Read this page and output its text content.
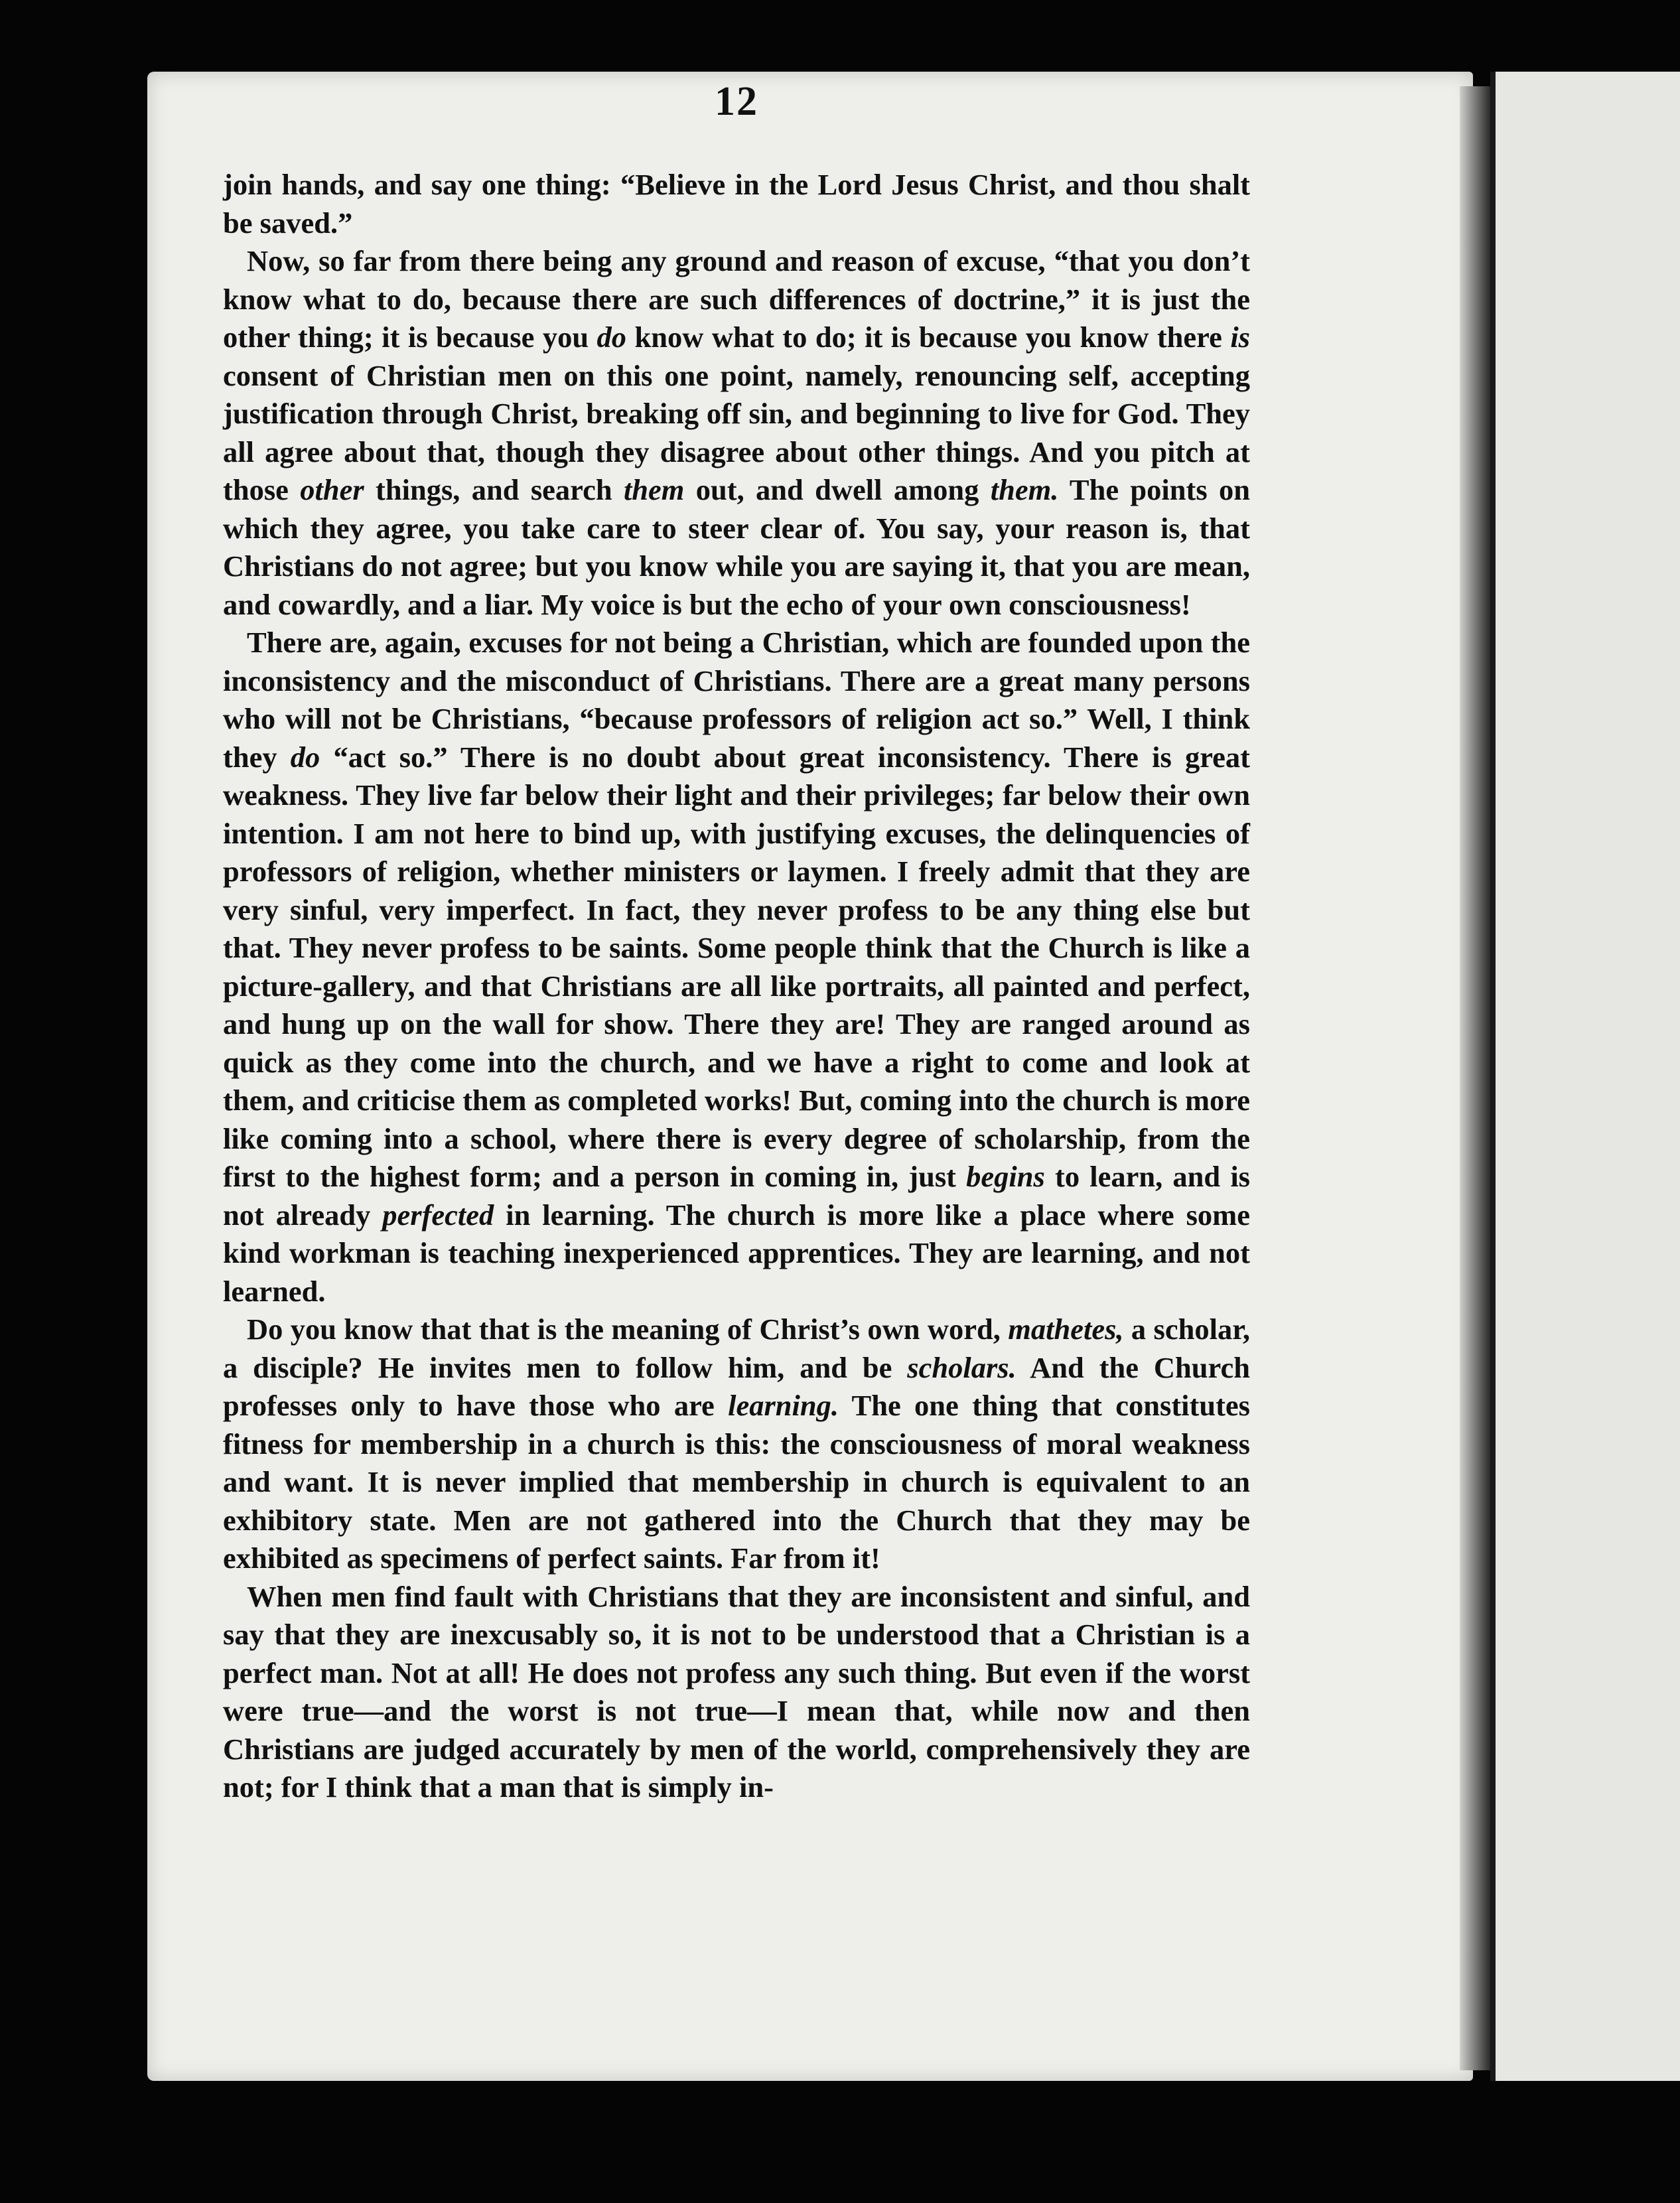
12

join hands, and say one thing: “Believe in the Lord Jesus Christ, and thou shalt be saved.”

Now, so far from there being any ground and reason of excuse, “that you don’t know what to do, because there are such differences of doctrine,” it is just the other thing; it is because you do know what to do; it is because you know there is consent of Christian men on this one point, namely, renouncing self, accepting justification through Christ, breaking off sin, and beginning to live for God. They all agree about that, though they disagree about other things. And you pitch at those other things, and search them out, and dwell among them. The points on which they agree, you take care to steer clear of. You say, your reason is, that Christians do not agree; but you know while you are saying it, that you are mean, and cowardly, and a liar. My voice is but the echo of your own consciousness!

There are, again, excuses for not being a Christian, which are founded upon the inconsistency and the misconduct of Christians. There are a great many persons who will not be Christians, “because professors of religion act so.” Well, I think they do “act so.” There is no doubt about great inconsistency. There is great weakness. They live far below their light and their privileges; far below their own intention. I am not here to bind up, with justifying excuses, the delinquencies of professors of religion, whether ministers or laymen. I freely admit that they are very sinful, very imperfect. In fact, they never profess to be any thing else but that. They never profess to be saints. Some people think that the Church is like a picture-gallery, and that Christians are all like portraits, all painted and perfect, and hung up on the wall for show. There they are! They are ranged around as quick as they come into the church, and we have a right to come and look at them, and criticise them as completed works! But, coming into the church is more like coming into a school, where there is every degree of scholarship, from the first to the highest form; and a person in coming in, just begins to learn, and is not already perfected in learning. The church is more like a place where some kind workman is teaching inexperienced apprentices. They are learning, and not learned.

Do you know that that is the meaning of Christ’s own word, mathetes, a scholar, a disciple? He invites men to follow him, and be scholars. And the Church professes only to have those who are learning. The one thing that constitutes fitness for membership in a church is this: the consciousness of moral weakness and want. It is never implied that membership in church is equivalent to an exhibitory state. Men are not gathered into the Church that they may be exhibited as specimens of perfect saints. Far from it!

When men find fault with Christians that they are inconsistent and sinful, and say that they are inexcusably so, it is not to be understood that a Christian is a perfect man. Not at all! He does not profess any such thing. But even if the worst were true—and the worst is not true—I mean that, while now and then Christians are judged accurately by men of the world, comprehensively they are not; for I think that a man that is simply in-
